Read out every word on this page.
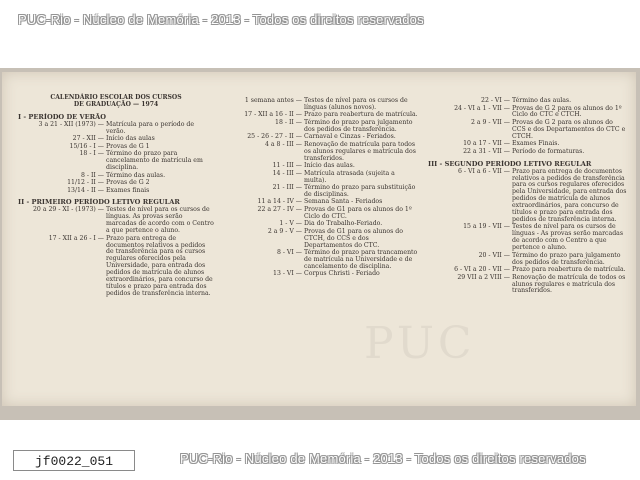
PUC-Rio - Núcleo de Memória - 2013 - Todos os direitos reservados
PUC
CALENDÁRIO ESCOLAR DOS CURSOS
DE GRADUAÇÃO — 1974
I - PERÍODO DE VERÃO
3 a 21 - XII (1973) — Matrícula para o período de verão.
27 - XII — Início das aulas
15/16 - I — Provas de G 1
18 - I — Término do prazo para cancelamento de matrícula em disciplina.
8 - II — Término das aulas.
11/12 - II — Provas de G 2
13/14 - II — Exames finais
II - PRIMEIRO PERÍODO LETIVO REGULAR
20 a 29 - XI - (1973) — Testes de nível para os cursos de línguas. As provas serão marcadas de acordo com o Centro a que pertence o aluno.
17 - XII a 26 - I — Prazo para entrega de documentos relativos a pedidos de transferência para os cursos regulares oferecidos pela Universidade, para entrada dos pedidos de matrícula de alunos extraordinários, para concurso de títulos e prazo para entrada dos pedidos de transferência interna.
1 semana antes — Testes de nível para os cursos de línguas (alunos novos).
17 - XII a 16 - II — Prazo para reabertura de matrícula.
18 - II — Término do prazo para julgamento dos pedidos de transferência.
25 - 26 - 27 - II — Carnaval e Cinzas - Feriados.
4 a 8 - III — Renovação de matrícula para todos os alunos regulares e matrícula dos transferidos.
11 - III — Início das aulas.
14 - III — Matrícula atrasada (sujeita a multa).
21 - III — Término do prazo para substituição de disciplinas.
11 a 14 - IV — Semana Santa - Feriados
22 a 27 - IV — Provas de G1 para os alunos do 1º Ciclo do CTC.
1 - V — Dia do Trabalho-Feriado.
2 a 9 - V — Provas de G1 para os alunos do CTCH, do CCS e dos Departamentos do CTC.
8 - VI — Término do prazo para trancamento de matrícula na Universidade e de cancelamento de disciplina.
13 - VI — Corpus Christi - Feriado
22 - VI — Término das aulas.
24 - VI a 1 - VII — Provas de G 2 para os alunos do 1º Ciclo do CTC e CTCH.
2 a 9 - VII — Provas de G 2 para os alunos do CCS e dos Departamentos do CTC e CTCH.
10 a 17 - VII — Exames Finais.
22 a 31 - VII — Período de formaturas.
III - SEGUNDO PERÍODO LETIVO REGULAR
6 - VI a 6 - VII — Prazo para entrega de documentos relativos a pedidos de transferência para os cursos regulares oferecidos pela Universidade, para entrada dos pedidos de matrícula de alunos extraordinários, para concurso de títulos e prazo para entrada dos pedidos de transferência interna.
15 a 19 - VII — Testes de nível para os cursos de línguas - As provas serão marcadas de acordo com o Centro a que pertence o aluno.
20 - VII — Término do prazo para julgamento dos pedidos de transferência.
6 - VI a 20 - VII — Prazo para reabertura de matrícula.
29 VII a 2 VIII — Renovação de matrícula de todos os alunos regulares e matrícula dos transferidos.
jf0022_051	PUC-Rio - Núcleo de Memória - 2013 - Todos os direitos reservados
